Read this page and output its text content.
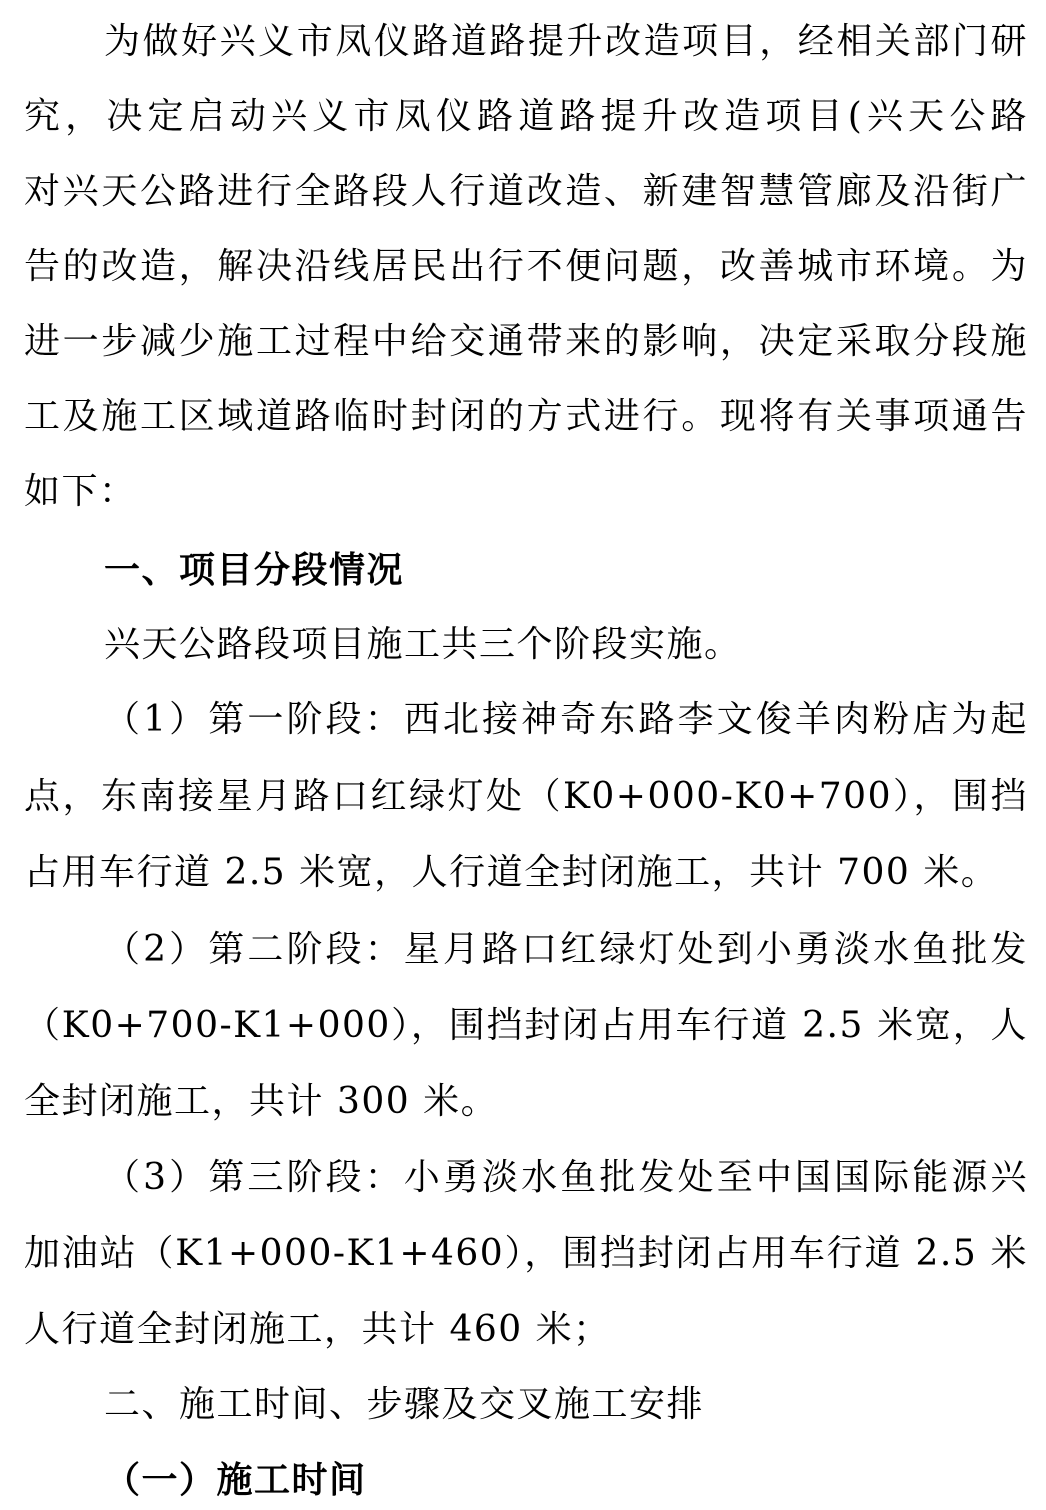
为做好兴义市凤仪路道路提升改造项目，经相关部门研
究，决定启动兴义市凤仪路道路提升改造项目(兴天公路
对兴天公路进行全路段人行道改造、新建智慧管廊及沿街广
告的改造，解决沿线居民出行不便问题，改善城市环境。为
进一步减少施工过程中给交通带来的影响，决定采取分段施
工及施工区域道路临时封闭的方式进行。现将有关事项通告
如下：
一、项目分段情况
兴天公路段项目施工共三个阶段实施。
（1）第一阶段：西北接神奇东路李文俊羊肉粉店为起
点，东南接星月路口红绿灯处（K0+000-K0+700），围挡
占用车行道 2.5 米宽，人行道全封闭施工，共计 700 米。
（2）第二阶段：星月路口红绿灯处到小勇淡水鱼批发
（K0+700-K1+000），围挡封闭占用车行道 2.5 米宽，人
全封闭施工，共计 300 米。
（3）第三阶段：小勇淡水鱼批发处至中国国际能源兴
加油站（K1+000-K1+460），围挡封闭占用车行道 2.5 米
人行道全封闭施工，共计 460 米；
二、施工时间、步骤及交叉施工安排
（一）施工时间
